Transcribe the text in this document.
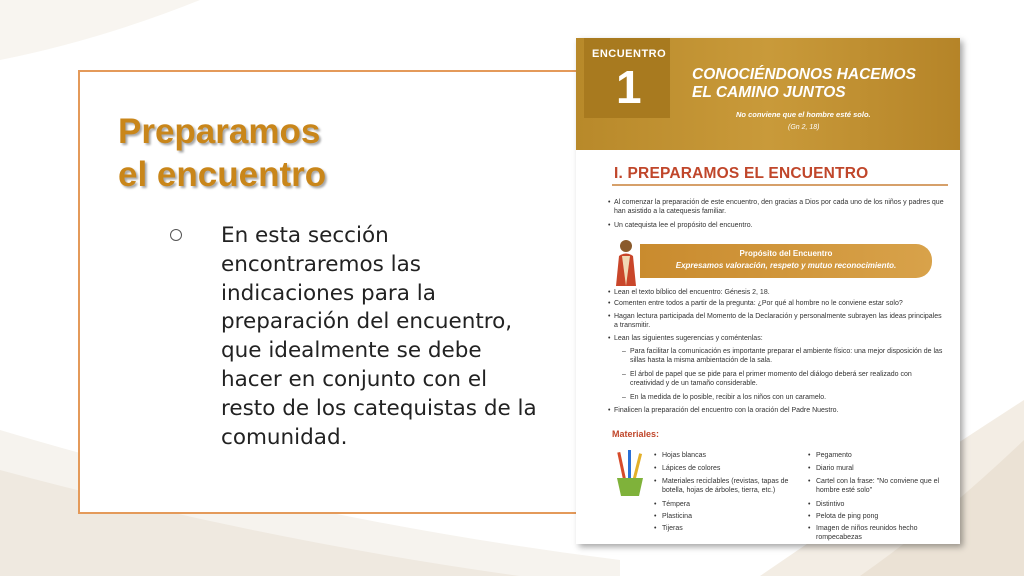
Preparamos
el encuentro

En esta sección encontraremos las indicaciones para la preparación del encuentro, que idealmente se debe hacer en conjunto con el resto de los catequistas de la comunidad.

ENCUENTRO
1	CONOCIÉNDONOS HACEMOS
EL CAMINO JUNTOS
No conviene que el hombre esté solo.
(Gn 2, 18)
I. PREPARAMOS EL ENCUENTRO
• Al comenzar la preparación de este encuentro, den gracias a Dios por cada uno de los niños y padres que han asistido a la catequesis familiar.
• Un catequista lee el propósito del encuentro.
Propósito del Encuentro
Expresamos valoración, respeto y mutuo reconocimiento.
• Lean el texto bíblico del encuentro: Génesis 2, 18.
• Comenten entre todos a partir de la pregunta: ¿Por qué al hombre no le conviene estar solo?
• Hagan lectura participada del Momento de la Declaración y personalmente subrayen las ideas principales a transmitir.
• Lean las siguientes sugerencias y coméntenlas:
– Para facilitar la comunicación es importante preparar el ambiente físico: una mejor disposición de las sillas hasta la misma ambientación de la sala.
– El árbol de papel que se pide para el primer momento del diálogo deberá ser realizado con creatividad y de un tamaño considerable.
– En la medida de lo posible, recibir a los niños con un caramelo.
• Finalicen la preparación del encuentro con la oración del Padre Nuestro.
Materiales:
• Hojas blancas
• Lápices de colores
• Materiales reciclables (revistas, tapas de botella, hojas de árboles, tierra, etc.)
• Témpera
• Plasticina
• Tijeras
• Pegamento
• Diario mural
• Cartel con la frase: "No conviene que el hombre esté solo"
• Distintivo
• Pelota de ping pong
• Imagen de niños reunidos hecho rompecabezas
